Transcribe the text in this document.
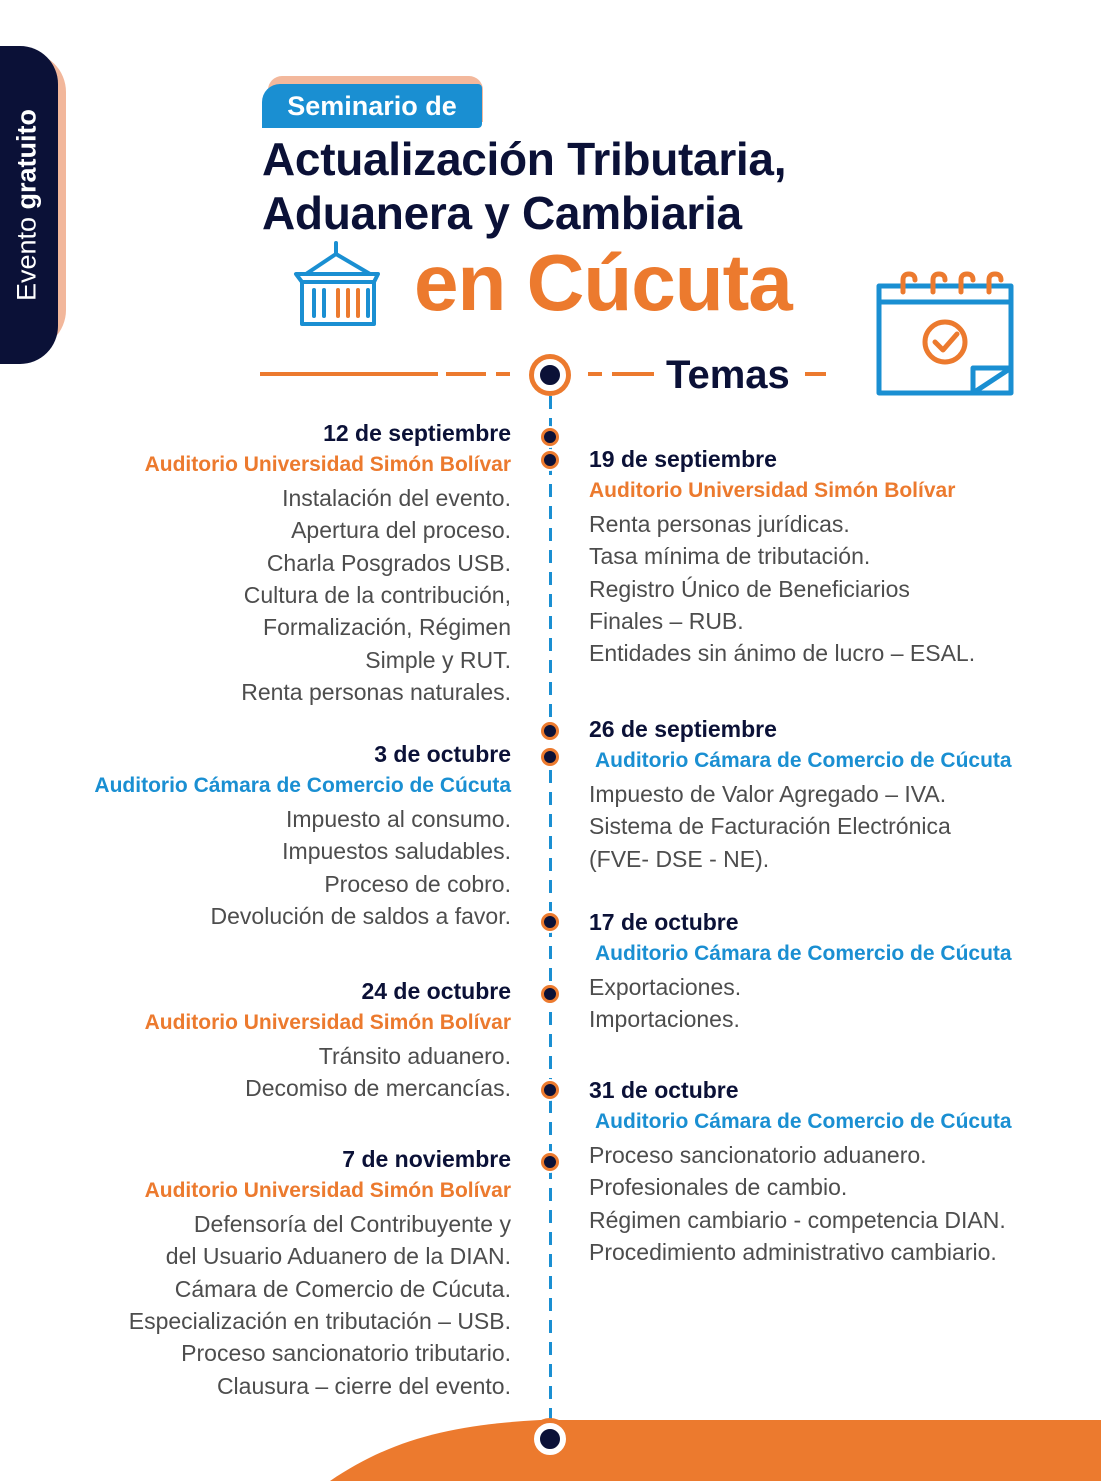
Evento gratuito
Seminario de
Actualización Tributaria,
Aduanera y Cambiaria
en Cúcuta
Temas
12 de septiembre
Auditorio Universidad Simón Bolívar
Instalación del evento.
Apertura del proceso.
Charla Posgrados USB.
Cultura de la contribución,
Formalización, Régimen
Simple y RUT.
Renta personas naturales.
3 de octubre
Auditorio Cámara de Comercio de Cúcuta
Impuesto al consumo.
Impuestos saludables.
Proceso de cobro.
Devolución de saldos a favor.
24 de octubre
Auditorio Universidad Simón Bolívar
Tránsito aduanero.
Decomiso de mercancías.
7 de noviembre
Auditorio Universidad Simón Bolívar
Defensoría del Contribuyente y
del Usuario Aduanero de la DIAN.
Cámara de Comercio de Cúcuta.
Especialización en tributación – USB.
Proceso sancionatorio tributario.
Clausura – cierre del evento.
19 de septiembre
Auditorio Universidad Simón Bolívar
Renta personas jurídicas.
Tasa mínima de tributación.
Registro Único de Beneficiarios
Finales – RUB.
Entidades sin ánimo de lucro – ESAL.
26 de septiembre
Auditorio Cámara de Comercio de Cúcuta
Impuesto de Valor Agregado – IVA.
Sistema de Facturación Electrónica
(FVE- DSE - NE).
17 de octubre
Auditorio Cámara de Comercio de Cúcuta
Exportaciones.
Importaciones.
31 de octubre
Auditorio Cámara de Comercio de Cúcuta
Proceso sancionatorio aduanero.
Profesionales de cambio.
Régimen cambiario - competencia DIAN.
Procedimiento administrativo cambiario.
